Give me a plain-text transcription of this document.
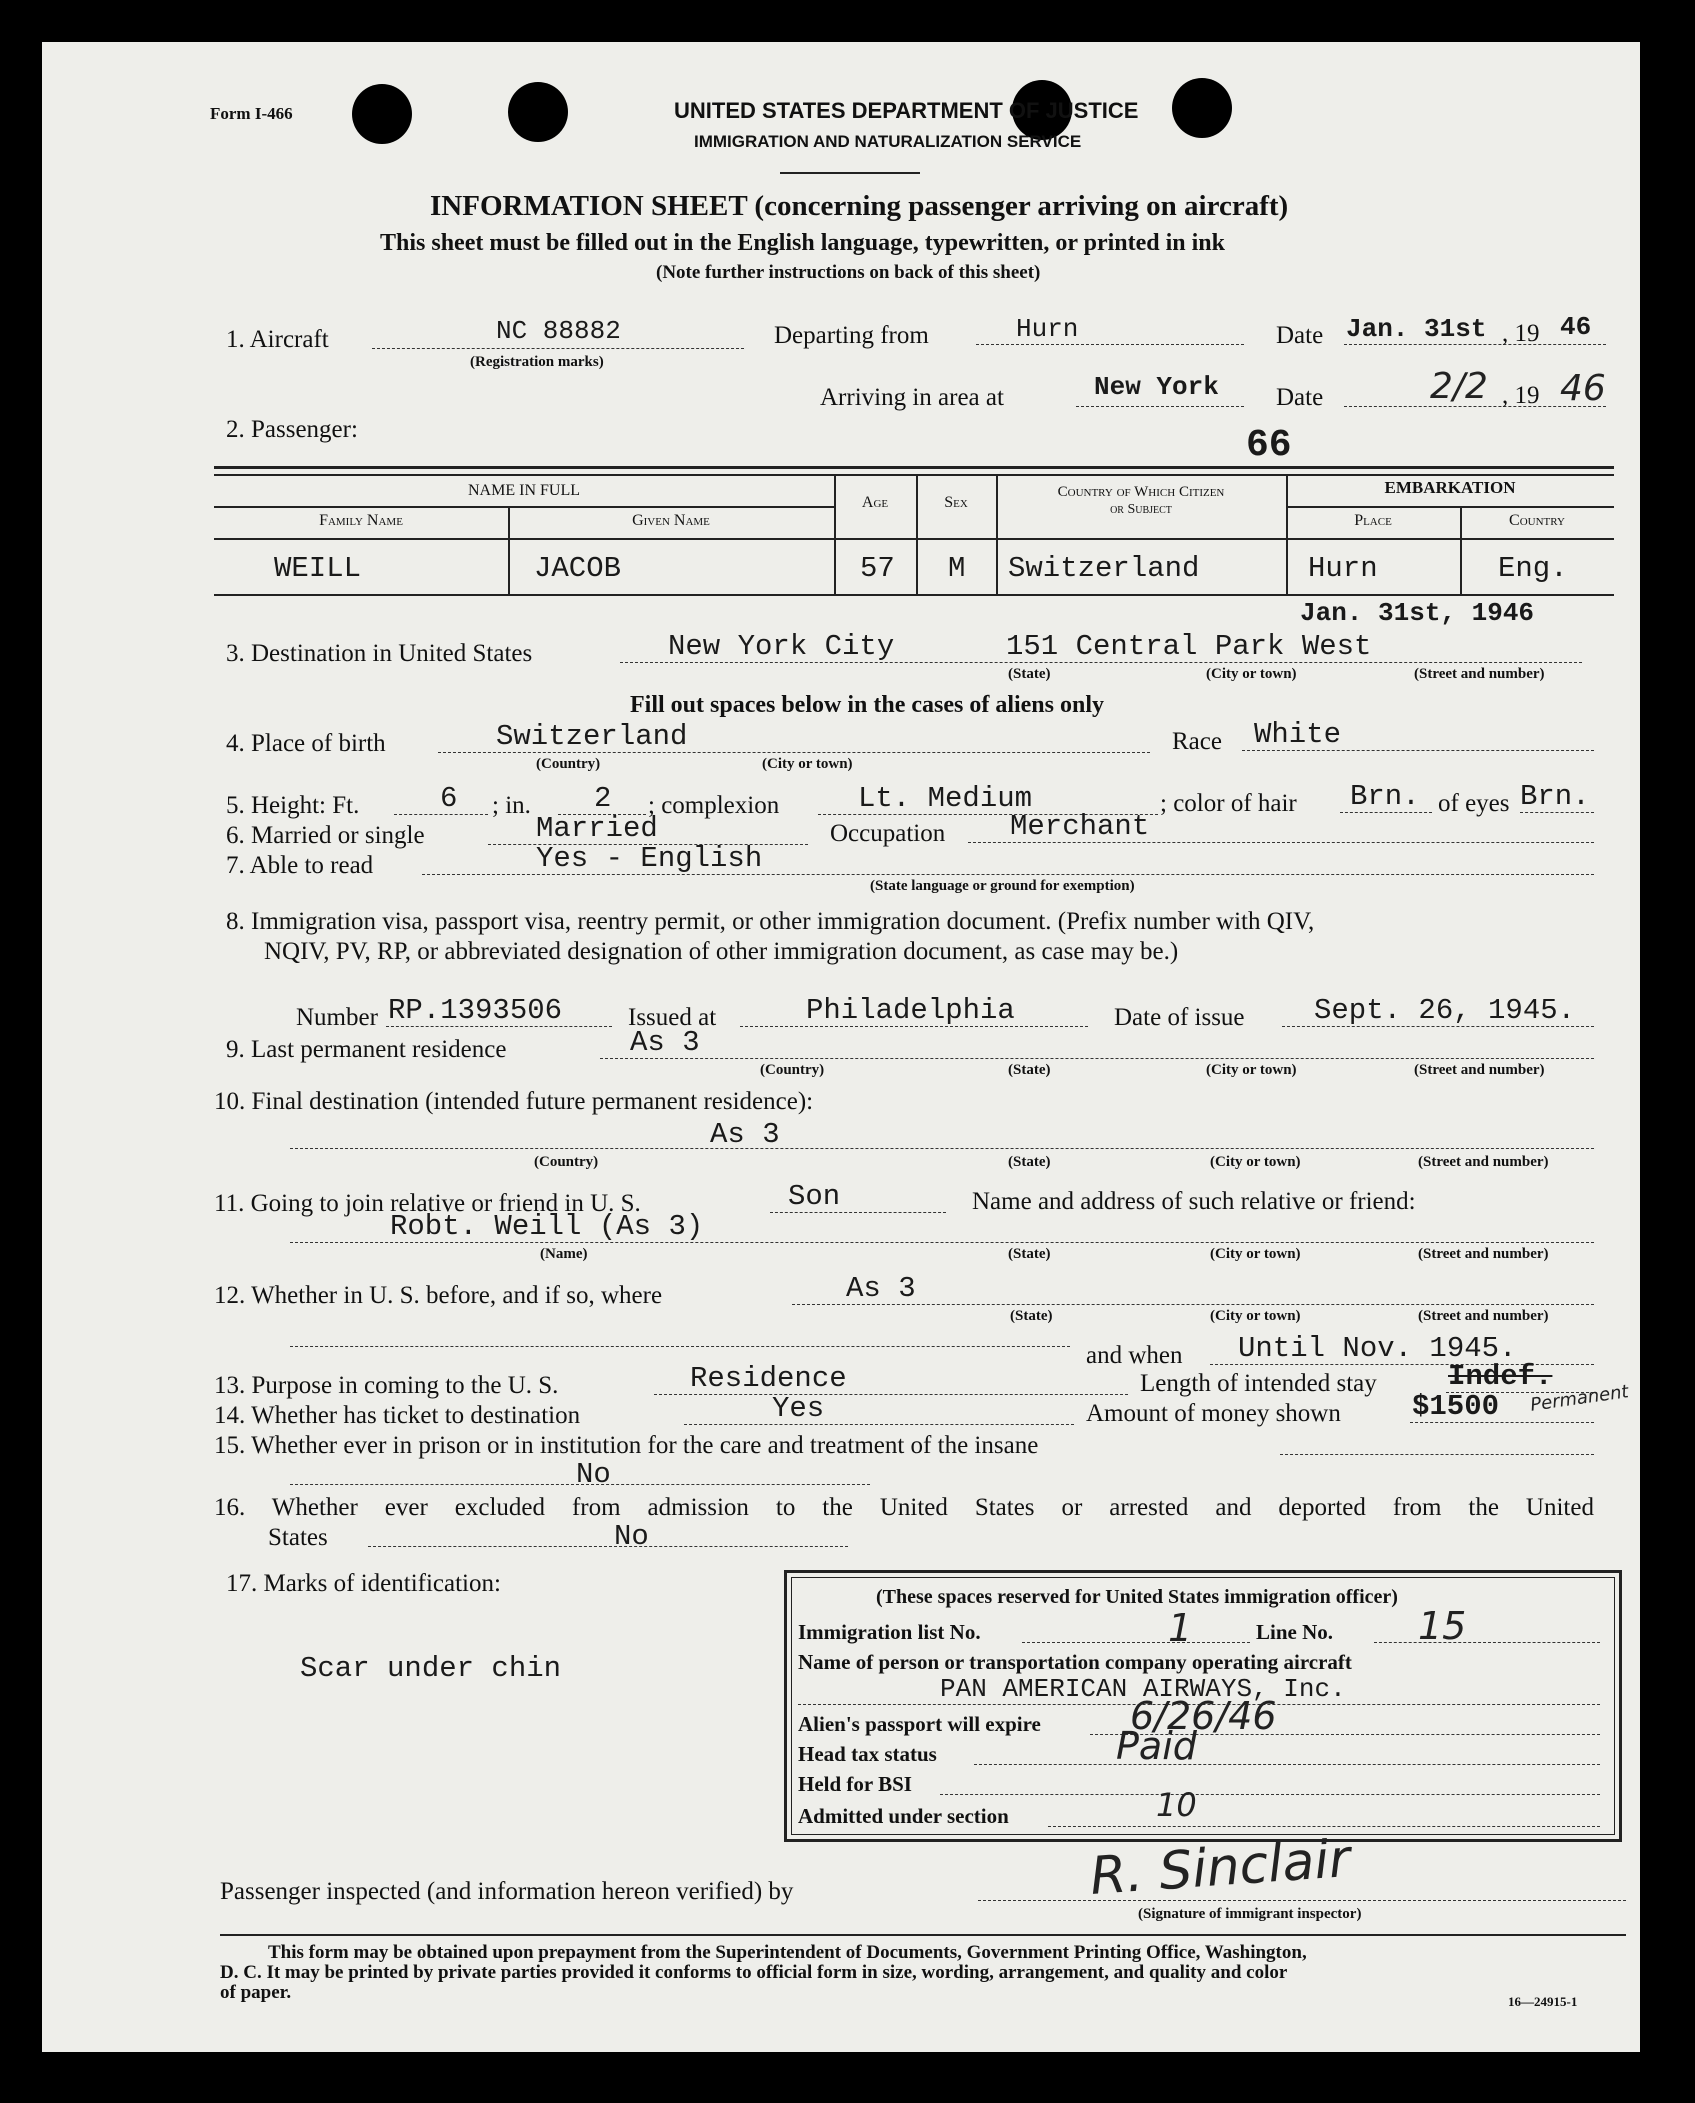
Form I-466	UNITED STATES DEPARTMENT OF JUSTICE
IMMIGRATION AND NATURALIZATION SERVICE
INFORMATION SHEET (concerning passenger arriving on aircraft)
This sheet must be filled out in the English language, typewritten, or printed in ink
(Note further instructions on back of this sheet)
1. Aircraft	NC 88882
(Registration marks)
Departing from	Hurn	Date Jan. 31st , 19 46
Arriving in area at	New York Date	2/2 , 19 46
2. Passenger:	66
NAME IN FULL
Family Name	Given Name
Age	Sex
Country of Which Citizen
or Subject
EMBARKATION
Place	Country
WEILL	JACOB	57 M Switzerland	Hurn	Eng.
Jan. 31st, 1946
3. Destination in United States	New York City	151 Central Park West
(State)	(City or town)	(Street and number)
Fill out spaces below in the cases of aliens only
4. Place of birth	Switzerland
(Country)	(City or town)
Race White
5. Height: Ft.	6 ; in. 2 ; complexion	Lt. Medium	; color of hair Brn. of eyes Brn.
6. Married or single	Married	Occupation Merchant
7. Able to read	Yes - English
(State language or ground for exemption)
8. Immigration visa, passport visa, reentry permit, or other immigration document. (Prefix number with QIV,
NQIV, PV, RP, or abbreviated designation of other immigration document, as case may be.)
Number RP.1393506	Issued at	Philadelphia	Date of issue Sept. 26, 1945.
9. Last permanent residence	As 3
(Country)	(State)	(City or town)	(Street and number)
10. Final destination (intended future permanent residence):
As 3
(Country)	(State)	(City or town)	(Street and number)
11. Going to join relative or friend in U. S.	Son	Name and address of such relative or friend:
Robt. Weill (As 3)
(Name)	(State)	(City or town)	(Street and number)
12. Whether in U. S. before, and if so, where	As 3
(State)	(City or town)	(Street and number)
and when Until Nov. 1945.
13. Purpose in coming to the U. S.	Residence	Length of intended stay Indef.
Permanent
14. Whether has ticket to destination	Yes	Amount of money shown $1500
15. Whether ever in prison or in institution for the care and treatment of the insane
No
16. Whether ever excluded from admission to the United States or arrested and deported from the United
States	No
17. Marks of identification:
Scar under chin
(These spaces reserved for United States immigration officer)
Immigration list No.	1	Line No. 15
Name of person or transportation company operating aircraft
PAN AMERICAN AIRWAYS, Inc.
Alien's passport will expire 6/26/46
Head tax status	Paid
Held for BSI
Admitted under section	10
Passenger inspected (and information hereon verified) by	R. Sinclair
(Signature of immigrant inspector)
This form may be obtained upon prepayment from the Superintendent of Documents, Government Printing Office, Washington,
D. C. It may be printed by private parties provided it conforms to official form in size, wording, arrangement, and quality and color
of paper.	16—24915-1
